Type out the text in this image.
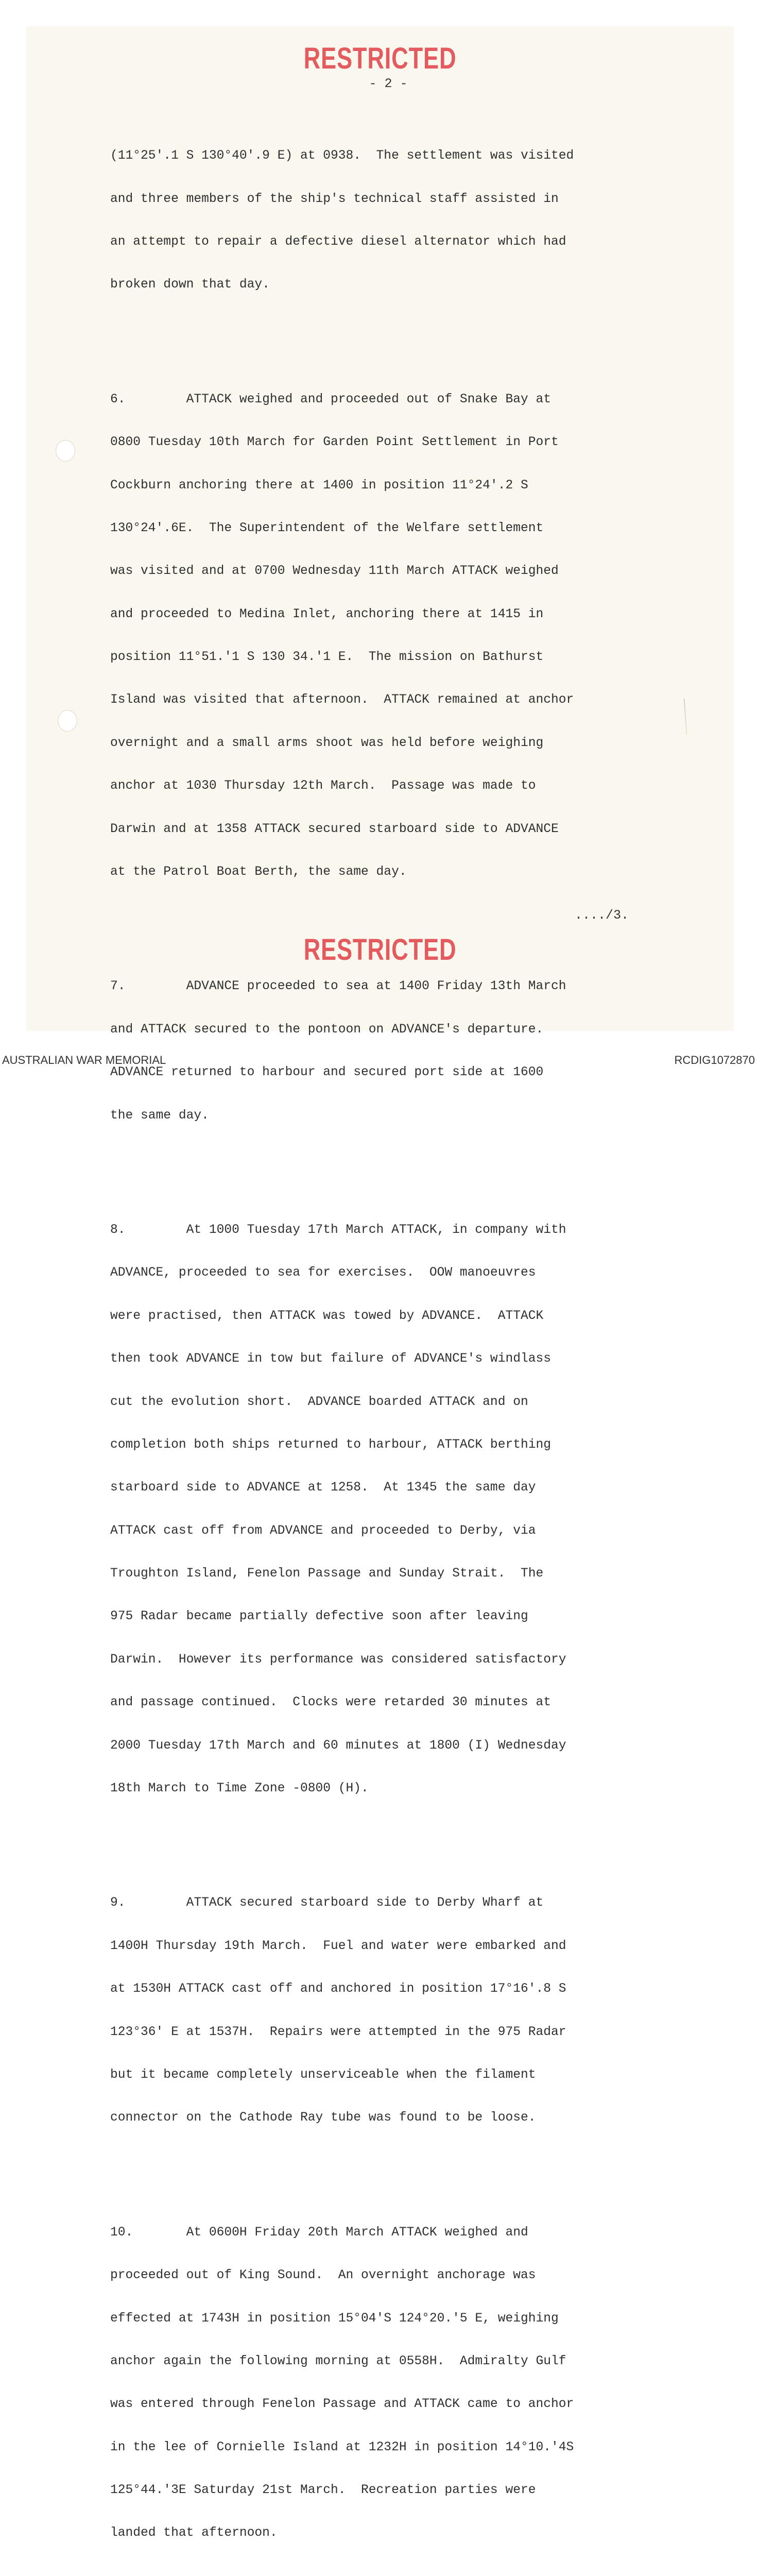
RESTRICTED
- 2 -
..../3.
RESTRICTED

(11°25'.1 S 130°40'.9 E) at 0938.  The settlement was visited

and three members of the ship's technical staff assisted in

an attempt to repair a defective diesel alternator which had

broken down that day.

6.        ATTACK weighed and proceeded out of Snake Bay at

0800 Tuesday 10th March for Garden Point Settlement in Port

Cockburn anchoring there at 1400 in position 11°24'.2 S

130°24'.6E.  The Superintendent of the Welfare settlement

was visited and at 0700 Wednesday 11th March ATTACK weighed

and proceeded to Medina Inlet, anchoring there at 1415 in

position 11°51.'1 S 130 34.'1 E.  The mission on Bathurst

Island was visited that afternoon.  ATTACK remained at anchor

overnight and a small arms shoot was held before weighing

anchor at 1030 Thursday 12th March.  Passage was made to

Darwin and at 1358 ATTACK secured starboard side to ADVANCE

at the Patrol Boat Berth, the same day.

7.        ADVANCE proceeded to sea at 1400 Friday 13th March

and ATTACK secured to the pontoon on ADVANCE's departure.

ADVANCE returned to harbour and secured port side at 1600

the same day.

8.        At 1000 Tuesday 17th March ATTACK, in company with

ADVANCE, proceeded to sea for exercises.  OOW manoeuvres

were practised, then ATTACK was towed by ADVANCE.  ATTACK

then took ADVANCE in tow but failure of ADVANCE's windlass

cut the evolution short.  ADVANCE boarded ATTACK and on

completion both ships returned to harbour, ATTACK berthing

starboard side to ADVANCE at 1258.  At 1345 the same day

ATTACK cast off from ADVANCE and proceeded to Derby, via

Troughton Island, Fenelon Passage and Sunday Strait.  The

975 Radar became partially defective soon after leaving

Darwin.  However its performance was considered satisfactory

and passage continued.  Clocks were retarded 30 minutes at

2000 Tuesday 17th March and 60 minutes at 1800 (I) Wednesday

18th March to Time Zone -0800 (H).

9.        ATTACK secured starboard side to Derby Wharf at

1400H Thursday 19th March.  Fuel and water were embarked and

at 1530H ATTACK cast off and anchored in position 17°16'.8 S

123°36' E at 1537H.  Repairs were attempted in the 975 Radar

but it became completely unserviceable when the filament

connector on the Cathode Ray tube was found to be loose.

10.       At 0600H Friday 20th March ATTACK weighed and

proceeded out of King Sound.  An overnight anchorage was

effected at 1743H in position 15°04'S 124°20.'5 E, weighing

anchor again the following morning at 0558H.  Admiralty Gulf

was entered through Fenelon Passage and ATTACK came to anchor

in the lee of Cornielle Island at 1232H in position 14°10.'4S

125°44.'3E Saturday 21st March.  Recreation parties were

landed that afternoon.

AUSTRALIAN WAR MEMORIAL	RCDIG1072870
